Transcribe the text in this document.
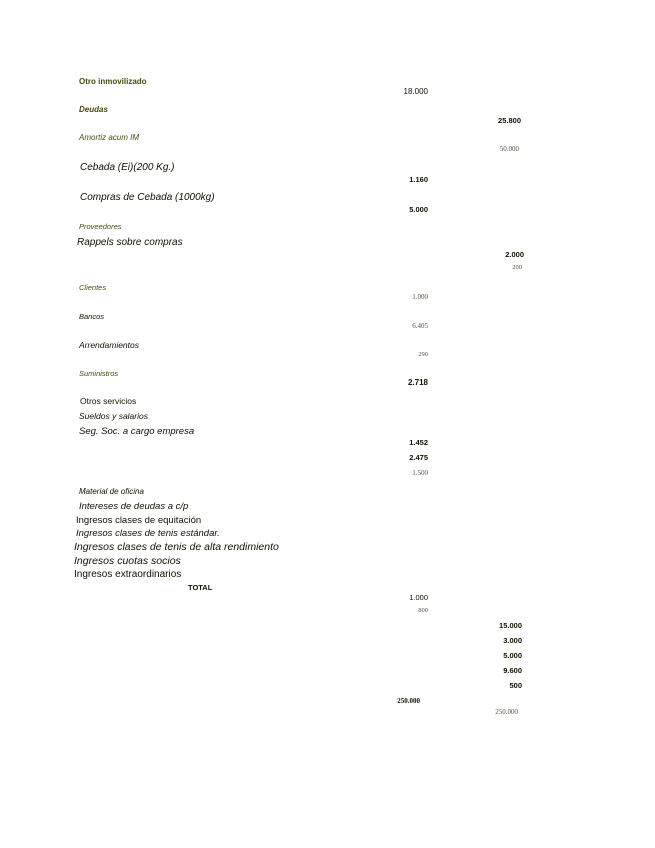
Otro inmovilizado
Deudas
Amortiz acum IM
Cebada (Ei)(200 Kg.)
Compras de Cebada (1000kg)
Proveedores
Rappels sobre compras
Clientes
Bancos
Arrendamientos
Suministros
Otros servicios
Sueldos y salarios
Seg. Soc. a cargo empresa
Material de oficina
Intereses de deudas a c/p
Ingresos clases de equitación
Ingresos clases de tenis estándar.
Ingresos clases de tenis de alta rendimiento
Ingresos cuotas socios
Ingresos extraordinarios
TOTAL
18.000
1.160
5.000
1.000
6.405
290
2.718
1.452
2.475
1.500
1.000
800
250.000
25.800
50.000
2.000
200
15.000
3.000
5.000
9.600
500
250.000
